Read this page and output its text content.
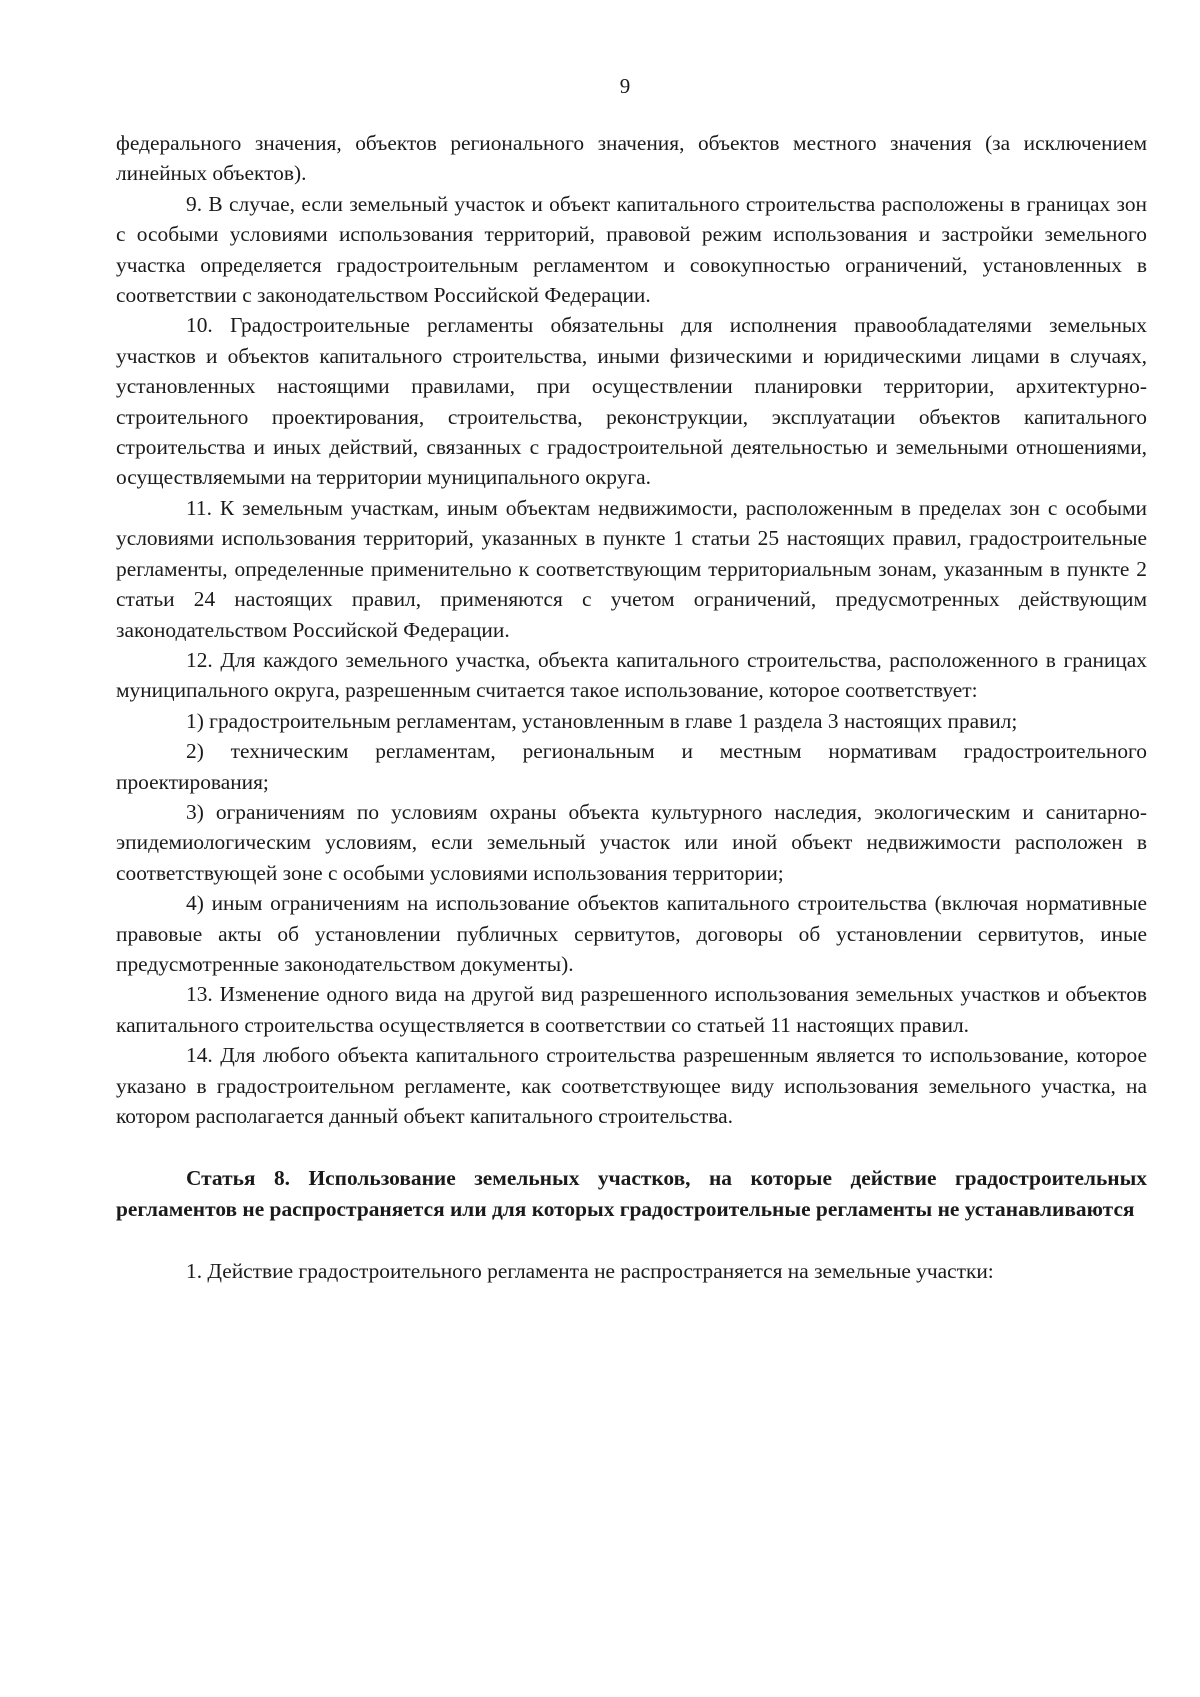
9

федерального значения, объектов регионального значения, объектов местного значения (за исключением линейных объектов).

9. В случае, если земельный участок и объект капитального строительства расположены в границах зон с особыми условиями использования территорий, правовой режим использования и застройки земельного участка определяется градостроительным регламентом и совокупностью ограничений, установленных в соответствии с законодательством Российской Федерации.

10. Градостроительные регламенты обязательны для исполнения правообладателями земельных участков и объектов капитального строительства, иными физическими и юридическими лицами в случаях, установленных настоящими правилами, при осуществлении планировки территории, архитектурно-строительного проектирования, строительства, реконструкции, эксплуатации объектов капитального строительства и иных действий, связанных с градостроительной деятельностью и земельными отношениями, осуществляемыми на территории муниципального округа.

11. К земельным участкам, иным объектам недвижимости, расположенным в пределах зон с особыми условиями использования территорий, указанных в пункте 1 статьи 25 настоящих правил, градостроительные регламенты, определенные применительно к соответствующим территориальным зонам, указанным в пункте 2 статьи 24 настоящих правил, применяются с учетом ограничений, предусмотренных действующим законодательством Российской Федерации.

12. Для каждого земельного участка, объекта капитального строительства, расположенного в границах муниципального округа, разрешенным считается такое использование, которое соответствует:

1) градостроительным регламентам, установленным в главе 1 раздела 3 настоящих правил;

2) техническим регламентам, региональным и местным нормативам градостроительного проектирования;

3) ограничениям по условиям охраны объекта культурного наследия, экологическим и санитарно-эпидемиологическим условиям, если земельный участок или иной объект недвижимости расположен в соответствующей зоне с особыми условиями использования территории;

4) иным ограничениям на использование объектов капитального строительства (включая нормативные правовые акты об установлении публичных сервитутов, договоры об установлении сервитутов, иные предусмотренные законодательством документы).

13. Изменение одного вида на другой вид разрешенного использования земельных участков и объектов капитального строительства осуществляется в соответствии со статьей 11 настоящих правил.

14. Для любого объекта капитального строительства разрешенным является то использование, которое указано в градостроительном регламенте, как соответствующее виду использования земельного участка, на котором располагается данный объект капитального строительства.

Статья 8. Использование земельных участков, на которые действие градостроительных регламентов не распространяется или для которых градостроительные регламенты не устанавливаются

1. Действие градостроительного регламента не распространяется на земельные участки:
